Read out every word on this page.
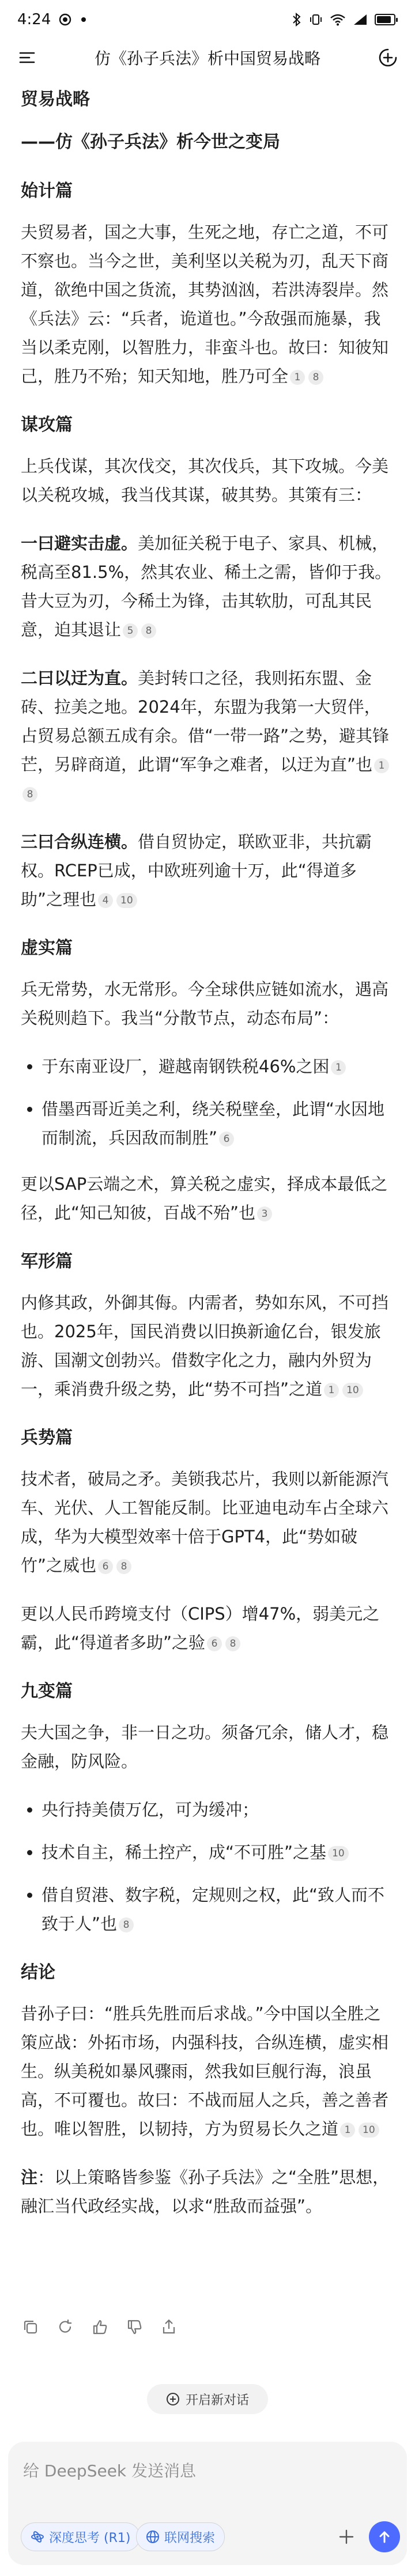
4:24
仿《孙子兵法》析中国贸易战略
贸易战略
——仿《孙子兵法》析今世之变局
始计篇

夫贸易者，国之大事，生死之地，存亡之道，不可不察也。当今之世，美利坚以关税为刃，乱天下商道，欲绝中国之货流，其势汹汹，若洪涛裂岸。然《兵法》云：“兵者，诡道也。”今敌强而施暴，我当以柔克刚，以智胜力，非蛮斗也。故曰：知彼知己，胜乃不殆；知天知地，胜乃可全 1 8

谋攻篇

上兵伐谋，其次伐交，其次伐兵，其下攻城。今美以关税攻城，我当伐其谋，破其势。其策有三：

一曰避实击虚。美加征关税于电子、家具、机械，税高至81.5%，然其农业、稀土之需，皆仰于我。昔大豆为刃，今稀土为锋，击其软肋，可乱其民意，迫其退让 5 8

二曰以迂为直。美封转口之径，我则拓东盟、金砖、拉美之地。2024年，东盟为我第一大贸伴，占贸易总额五成有余。借“一带一路”之势，避其锋芒，另辟商道，此谓“军争之难者，以迂为直”也 18

三曰合纵连横。借自贸协定，联欧亚非，共抗霸权。RCEP已成，中欧班列逾十万，此“得道多助”之理也 4 10

虚实篇

兵无常势，水无常形。今全球供应链如流水，遇高关税则趋下。我当“分散节点，动态布局”：

• 于东南亚设厂，避越南钢铁税46%之困 1
• 借墨西哥近美之利，绕关税壁垒，此谓“水因地而制流，兵因敌而制胜” 6

更以SAP云端之术，算关税之虚实，择成本最低之径，此“知己知彼，百战不殆”也 3

军形篇

内修其政，外御其侮。内需者，势如东风，不可挡也。2025年，国民消费以旧换新逾亿台，银发旅游、国潮文创勃兴。借数字化之力，融内外贸为一，乘消费升级之势，此“势不可挡”之道 1 10

兵势篇

技术者，破局之矛。美锁我芯片，我则以新能源汽车、光伏、人工智能反制。比亚迪电动车占全球六成，华为大模型效率十倍于GPT4，此“势如破竹”之威也 6 8

更以人民币跨境支付（CIPS）增47%，弱美元之霸，此“得道者多助”之验 6 8

九变篇

夫大国之争，非一日之功。须备冗余，储人才，稳金融，防风险。

• 央行持美债万亿，可为缓冲；
• 技术自主，稀土控产，成“不可胜”之基 10
• 借自贸港、数字税，定规则之权，此“致人而不致于人”也 8
结论

昔孙子曰：“胜兵先胜而后求战。”今中国以全胜之策应战：外拓市场，内强科技，合纵连横，虚实相生。纵美税如暴风骤雨，然我如巨舰行海，浪虽高，不可覆也。故曰：不战而屈人之兵，善之善者也。唯以智胜，以韧持，方为贸易长久之道 1 10

注：以上策略皆参鉴《孙子兵法》之“全胜”思想，融汇当代政经实战，以求“胜敌而益强”。

开启新对话
给 DeepSeek 发送消息
深度思考 (R1)	联网搜索
